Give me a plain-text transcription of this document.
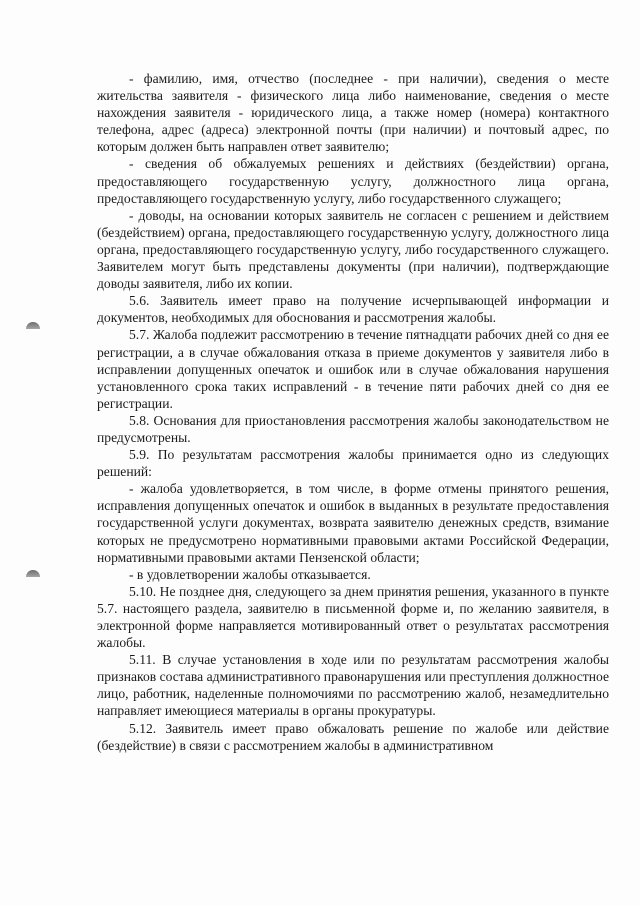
- фамилию, имя, отчество (последнее - при наличии), сведения о месте жительства заявителя - физического лица либо наименование, сведения о месте нахождения заявителя - юридического лица, а также номер (номера) контактного телефона, адрес (адреса) электронной почты (при наличии) и почтовый адрес, по которым должен быть направлен ответ заявителю;

- сведения об обжалуемых решениях и действиях (бездействии) органа, предоставляющего государственную услугу, должностного лица органа, предоставляющего государственную услугу, либо государственного служащего;

- доводы, на основании которых заявитель не согласен с решением и действием (бездействием) органа, предоставляющего государственную услугу, должностного лица органа, предоставляющего государственную услугу, либо государственного служащего. Заявителем могут быть представлены документы (при наличии), подтверждающие доводы заявителя, либо их копии.

5.6. Заявитель имеет право на получение исчерпывающей информации и документов, необходимых для обоснования и рассмотрения жалобы.

5.7. Жалоба подлежит рассмотрению в течение пятнадцати рабочих дней со дня ее регистрации, а в случае обжалования отказа в приеме документов у заявителя либо в исправлении допущенных опечаток и ошибок или в случае обжалования нарушения установленного срока таких исправлений - в течение пяти рабочих дней со дня ее регистрации.

5.8. Основания для приостановления рассмотрения жалобы законодательством не предусмотрены.

5.9. По результатам рассмотрения жалобы принимается одно из следующих решений:

- жалоба удовлетворяется, в том числе, в форме отмены принятого решения, исправления допущенных опечаток и ошибок в выданных в результате предоставления государственной услуги документах, возврата заявителю денежных средств, взимание которых не предусмотрено нормативными правовыми актами Российской Федерации, нормативными правовыми актами Пензенской области;

- в удовлетворении жалобы отказывается.

5.10. Не позднее дня, следующего за днем принятия решения, указанного в пункте 5.7. настоящего раздела, заявителю в письменной форме и, по желанию заявителя, в электронной форме направляется мотивированный ответ о результатах рассмотрения жалобы.

5.11. В случае установления в ходе или по результатам рассмотрения жалобы признаков состава административного правонарушения или преступления должностное лицо, работник, наделенные полномочиями по рассмотрению жалоб, незамедлительно направляет имеющиеся материалы в органы прокуратуры.

5.12. Заявитель имеет право обжаловать решение по жалобе или действие (бездействие) в связи с рассмотрением жалобы в административном
